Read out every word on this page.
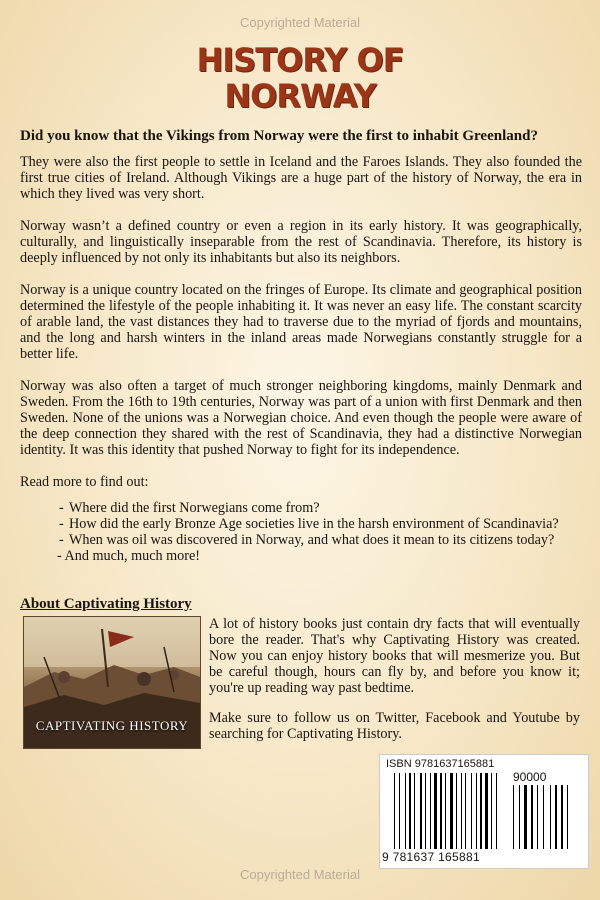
Copyrighted Material
HISTORY OF
NORWAY

Did you know that the Vikings from Norway were the first to inhabit Greenland?

They were also the first people to settle in Iceland and the Faroes Islands. They also founded the first true cities of Ireland. Although Vikings are a huge part of the history of Norway, the era in which they lived was very short.

Norway wasn’t a defined country or even a region in its early history. It was geographically, culturally, and linguistically inseparable from the rest of Scandinavia. Therefore, its history is deeply influenced by not only its inhabitants but also its neighbors.

Norway is a unique country located on the fringes of Europe. Its climate and geographical position determined the lifestyle of the people inhabiting it. It was never an easy life. The constant scarcity of arable land, the vast distances they had to traverse due to the myriad of fjords and mountains, and the long and harsh winters in the inland areas made Norwegians constantly struggle for a better life.

Norway was also often a target of much stronger neighboring kingdoms, mainly Denmark and Sweden. From the 16th to 19th centuries, Norway was part of a union with first Denmark and then Sweden. None of the unions was a Norwegian choice. And even though the people were aware of the deep connection they shared with the rest of Scandinavia, they had a distinctive Norwegian identity. It was this identity that pushed Norway to fight for its independence.

Read more to find out:

- Where did the first Norwegians come from?
- How did the early Bronze Age societies live in the harsh environment of Scandinavia?
- When was oil was discovered in Norway, and what does it mean to its citizens today?
- And much, much more!
About Captivating History
CAPTIVATING HISTORY

A lot of history books just contain dry facts that will eventually bore the reader. That's why Captivating History was created. Now you can enjoy history books that will mesmerize you. But be careful though, hours can fly by, and before you know it; you're up reading way past bedtime.

Make sure to follow us on Twitter, Facebook and Youtube by searching for Captivating History.

ISBN 9781637165881
90000
9 781637 165881
Copyrighted Material
